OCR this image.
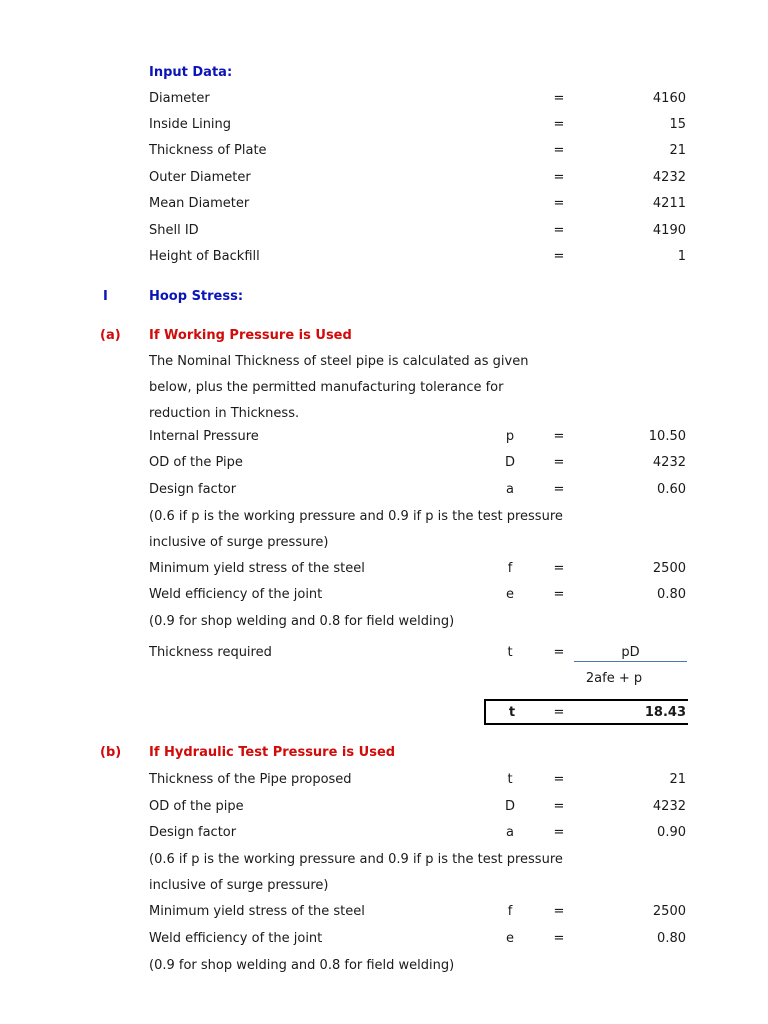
Input Data:
Diameter	=	4160
Inside Lining	=	15
Thickness of Plate	=	21
Outer Diameter	=	4232
Mean Diameter	=	4211
Shell ID	=	4190
Height of Backfill	=	1
I	Hoop Stress:
(a) If Working Pressure is Used
The Nominal Thickness of steel pipe is calculated as given
below, plus the permitted manufacturing tolerance for
reduction in Thickness.
Internal Pressure	p	=	10.50
OD of the Pipe	D	=	4232
Design factor	a	=	0.60
(0.6 if p is the working pressure and 0.9 if p is the test pressure
inclusive of surge pressure)
Minimum yield stress of the steel	f	=	2500
Weld efficiency of the joint	e	=	0.80
(0.9 for shop welding and 0.8 for field welding)
Thickness required	t	=	pD
2afe + p
t	=	18.43
(b) If Hydraulic Test Pressure is Used
Thickness of the Pipe proposed	t	=	21
OD of the pipe	D	=	4232
Design factor	a	=	0.90
(0.6 if p is the working pressure and 0.9 if p is the test pressure
inclusive of surge pressure)
Minimum yield stress of the steel	f	=	2500
Weld efficiency of the joint	e	=	0.80
(0.9 for shop welding and 0.8 for field welding)
